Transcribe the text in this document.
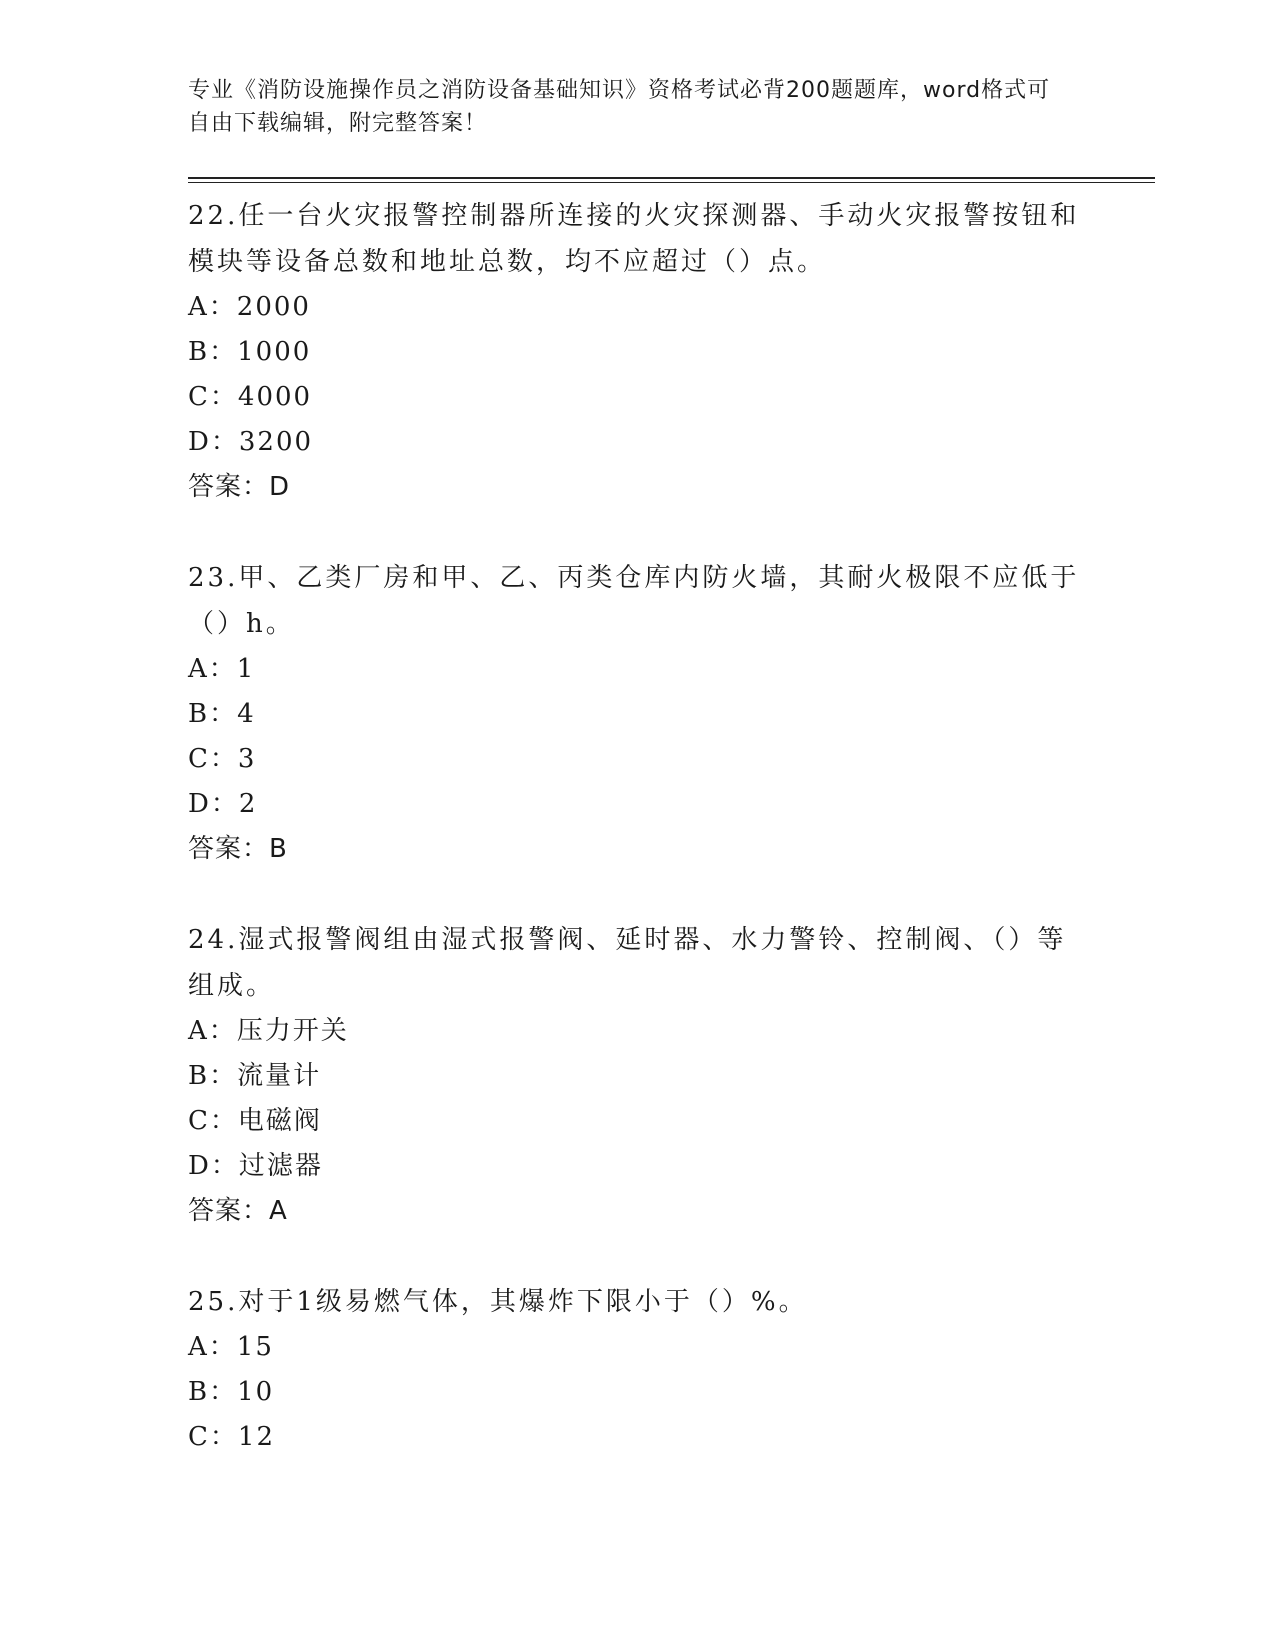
专业《消防设施操作员之消防设备基础知识》资格考试必背200题题库，word格式可自由下载编辑，附完整答案！

22.任一台火灾报警控制器所连接的火灾探测器、手动火灾报警按钮和模块等设备总数和地址总数，均不应超过（）点。

A：2000

B：1000

C：4000

D：3200

答案：D

23.甲、乙类厂房和甲、乙、丙类仓库内防火墙，其耐火极限不应低于（）h。

A：1

B：4

C：3

D：2

答案：B

24.湿式报警阀组由湿式报警阀、延时器、水力警铃、控制阀、（）等组成。

A：压力开关

B：流量计

C：电磁阀

D：过滤器

答案：A

25.对于1级易燃气体，其爆炸下限小于（）%。

A：15

B：10

C：12
